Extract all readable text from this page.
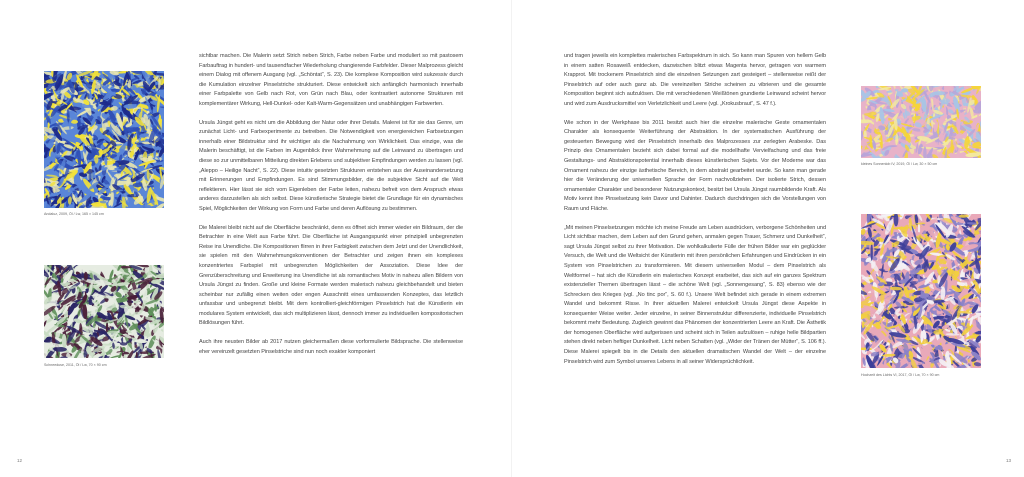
Andaluz, 2009, Öl / Lw, 165 × 145 cm
Schneeduse, 2011, Öl / Lw, 70 × 90 cm

sichtbar machen. Die Malerin setzt Strich neben Strich, Farbe neben Farbe und moduliert so mit pastosem Farbauftrag in hundert- und tausendfacher Wiederholung changierende Farbfelder. Dieser Malprozess gleicht einem Dialog mit offenem Ausgang (vgl. „Schöntat“, S. 23). Die komplexe Komposition wird sukzessiv durch die Kumulation einzelner Pinselstriche strukturiert. Diese entwickelt sich anfänglich harmonisch innerhalb einer Farbpalette von Gelb nach Rot, von Grün nach Blau, oder kontrastiert autonome Strukturen mit komplementärer Wirkung, Hell-Dunkel- oder Kalt-Warm-Gegensätzen und unabhängigen Farbwerten.

Ursula Jüngst geht es nicht um die Abbildung der Natur oder ihrer Details. Malerei ist für sie das Genre, um zunächst Licht- und Farbexperimente zu betreiben. Die Notwendigkeit von energiereichen Farbsetzungen innerhalb einer Bildstruktur sind ihr wichtiger als die Nachahmung von Wirklichkeit. Das einzige, was die Malerin beschäftigt, ist die Farben im Augenblick ihrer Wahrnehmung auf die Leinwand zu übertragen und diese so zur unmittelbaren Mitteilung direkten Erlebens und subjektiver Empfindungen werden zu lassen (vgl. „Aleppo – Heilige Nacht“, S. 22). Diese intuitiv gesetzten Strukturen entstehen aus der Auseinandersetzung mit Erinnerungen und Empfindungen. Es sind Stimmungsbilder, die die subjektive Sicht auf die Welt reflektieren. Hier lässt sie sich vom Eigenleben der Farbe leiten, nahezu befreit von dem Anspruch etwas anderes darzustellen als sich selbst. Diese künstlerische Strategie bietet die Grundlage für ein dynamisches Spiel, Möglichkeiten der Wirkung von Form und Farbe und deren Auflösung zu bestimmen.

Die Malerei bleibt nicht auf die Oberfläche beschränkt, denn es öffnet sich immer wieder ein Bildraum, der die Betrachter in eine Welt aus Farbe führt. Die Oberfläche ist Ausgangspunkt einer prinzipiell unbegrenzten Reise ins Unendliche. Die Kompositionen flirren in ihrer Farbigkeit zwischen dem Jetzt und der Unendlichkeit, sie spielen mit den Wahrnehmungskonventionen der Betrachter und zeigen ihnen ein komplexes konzentriertes Farbspiel mit unbegrenzten Möglichkeiten der Assoziation. Diese Idee der Grenzüberschreitung und Erweiterung ins Unendliche ist als romantisches Motiv in nahezu allen Bildern von Ursula Jüngst zu finden. Große und kleine Formate werden malerisch nahezu gleichbehandelt und bieten scheinbar nur zufällig einen weiten oder engen Ausschnitt eines umfassenden Konzeptes, das letztlich unfassbar und unbegrenzt bleibt. Mit dem kontrolliert-gleichförmigen Pinselstrich hat die Künstlerin ein modulares System entwickelt, das sich multiplizieren lässt, dennoch immer zu individuellen kompositorischen Bildlösungen führt.

Auch ihre neusten Bilder ab 2017 nutzen gleichermaßen diese vorformulierte Bildsprache. Die stellenweise eher vereinzelt gesetzten Pinselstriche sind nun noch exakter komponiert

12

und tragen jeweils ein komplettes malerisches Farbspektrum in sich. So kann man Spuren von hellem Gelb in einem satten Rosaweiß entdecken, dazwischen blitzt etwas Magenta hervor, getragen von warmem Krapprot. Mit trockenem Pinselstrich sind die einzelnen Setzungen zart gesteigert – stellenweise reißt der Pinselstrich auf oder auch ganz ab. Die vereinzelten Striche scheinen zu vibrieren und die gesamte Komposition beginnt sich aufzulösen. Die mit verschiedenen Weißtönen grundierte Leinwand scheint hervor und wird zum Ausdrucksmittel von Verletzlichkeit und Leere (vgl. „Krokusbraut“, S. 47 f.).

Wie schon in der Werkphase bis 2011 besitzt auch hier die einzelne malerische Geste ornamentalen Charakter als konsequente Weiterführung der Abstraktion. In der systematischen Ausführung der gesteuerten Bewegung wird der Pinselstrich innerhalb des Malprozesses zur zerlegten Arabeske. Das Prinzip des Ornamentalen bezieht sich dabei formal auf die modellhafte Vervielfachung und das freie Gestaltungs- und Abstraktionspotential innerhalb dieses künstlerischen Sujets. Vor der Moderne war das Ornament nahezu der einzige ästhetische Bereich, in dem abstrakt gearbeitet wurde. So kann man gerade hier die Veränderung der universellen Sprache der Form nachvollziehen. Der isolierte Strich, dessen ornamentaler Charakter und besonderer Nutzungskontext, besitzt bei Ursula Jüngst raumbildende Kraft. Als Motiv kennt ihre Pinselsetzung kein Davor und Dahinter. Dadurch durchdringen sich die Vorstellungen von Raum und Fläche.

„Mit meinen Pinselsetzungen möchte ich meine Freude am Leben ausdrücken, verborgene Schönheiten und Licht sichtbar machen, dem Leben auf den Grund gehen, anmalen gegen Trauer, Schmerz und Dunkelheit“, sagt Ursula Jüngst selbst zu ihrer Motivation. Die wohlkalkulierte Fülle der frühen Bilder war ein geglückter Versuch, die Welt und die Weltsicht der Künstlerin mit ihren persönlichen Erfahrungen und Eindrücken in ein System von Pinselstrichen zu transformieren. Mit diesem universellen Modul – dem Pinselstrich als Weltformel – hat sich die Künstlerin ein malerisches Konzept erarbeitet, das sich auf ein ganzes Spektrum existenzieller Themen übertragen lässt – die schöne Welt (vgl. „Sonnengesang“, S. 83) ebenso wie der Schrecken des Krieges (vgl. „No tinc por“, S. 60 f.). Unsere Welt befindet sich gerade in einem extremen Wandel und bekommt Risse. In ihrer aktuellen Malerei entwickelt Ursula Jüngst diese Aspekte in konsequenter Weise weiter. Jeder einzelne, in seiner Binnenstruktur differenzierte, individuelle Pinselstrich bekommt mehr Bedeutung. Zugleich gewinnt das Phänomen der konzentrierten Leere an Kraft. Die Ästhetik der homogenen Oberfläche wird aufgerissen und scheint sich in Teilen aufzulösen – ruhige helle Bildpartien stehen direkt neben heftiger Dunkelheit. Licht neben Schatten (vgl. „Wider der Tränen der Mütter“, S. 106 ff.). Diese Malerei spiegelt bis in die Details den aktuellen dramatischen Wandel der Welt – der einzelne Pinselstrich wird zum Symbol unseres Lebens in all seiner Widersprüchlichkeit.

kleines Sonnenlob IV, 2019, Öl / Lw, 30 × 50 cm
Hochzeit des Lichts VI, 2017, Öl / Lw, 70 × 90 cm
13
